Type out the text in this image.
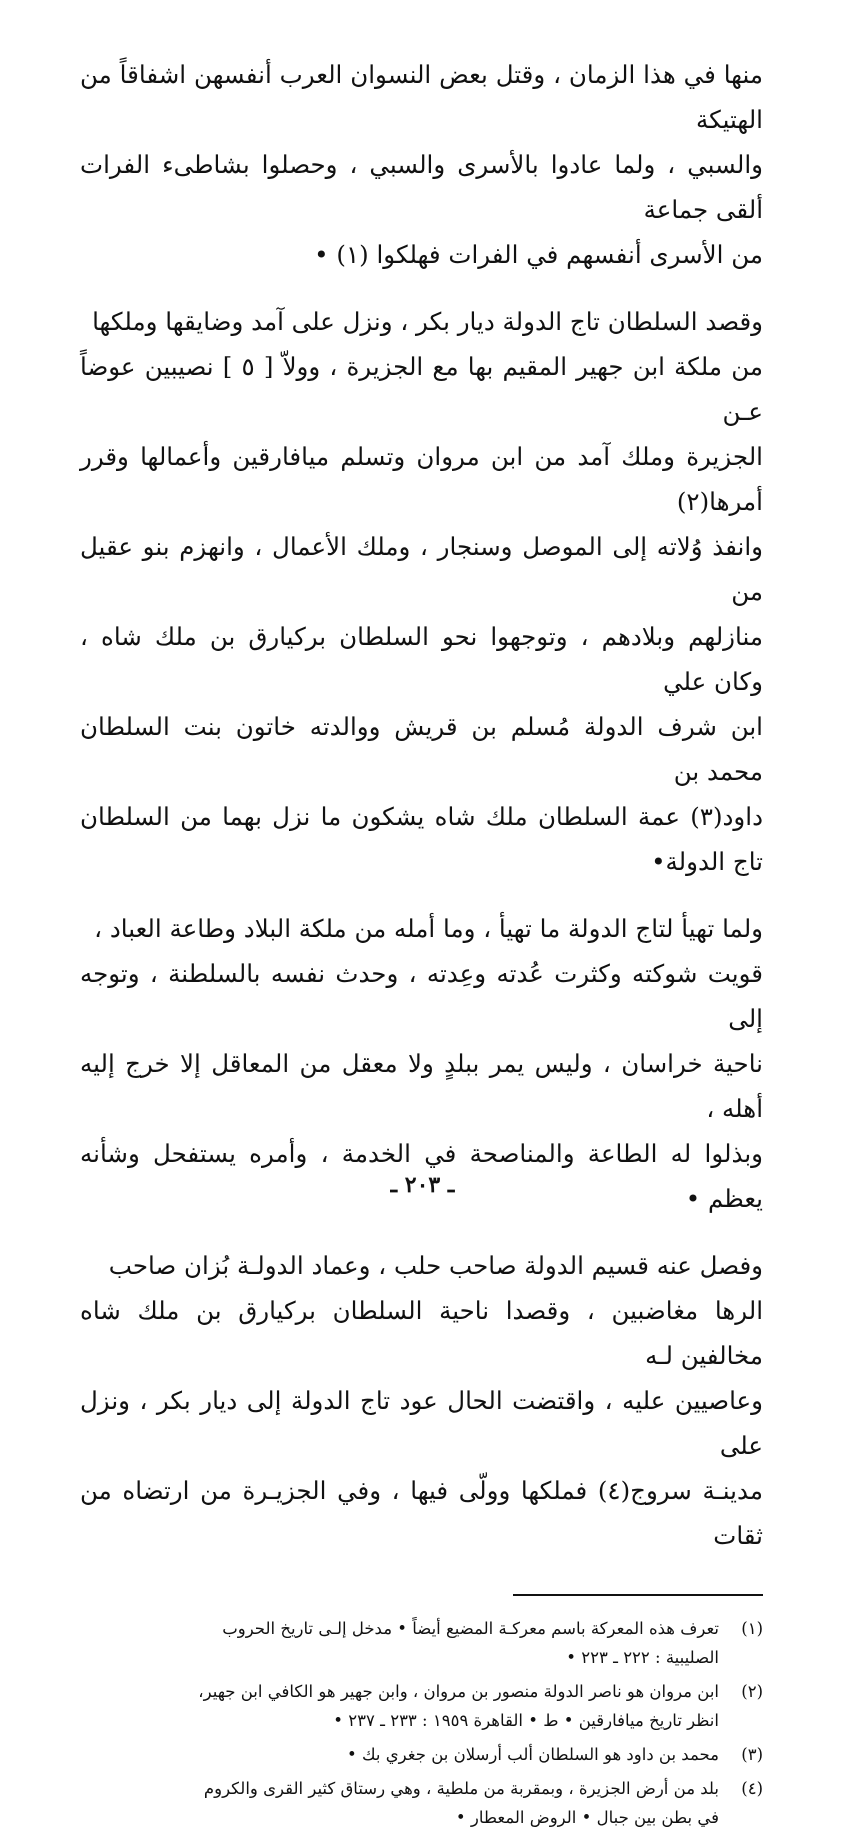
منها في هذا الزمان ، وقتل بعض النسوان العرب أنفسهن اشفاقاً من الهتيكة
والسبي ، ولما عادوا بالأسرى والسبي ، وحصلوا بشاطىء الفرات ألقى جماعة
من الأسرى أنفسهم في الفرات فهلكوا (١) •

وقصد السلطان تاج الدولة ديار بكر ، ونزل على آمد وضايقها وملكها
من ملكة ابن جهير المقيم بها مع الجزيرة ، وولاّ [ ٥ ] نصيبين عوضاً عـن
الجزيرة وملك آمد من ابن مروان وتسلم ميافارقين وأعمالها وقرر أمرها(٢)
وانفذ وُلاته إلى الموصل وسنجار ، وملك الأعمال ، وانهزم بنو عقيل من
منازلهم وبلادهم ، وتوجهوا نحو السلطان بركيارق بن ملك شاه ، وكان علي
ابن شرف الدولة مُسلم بن قريش ووالدته خاتون بنت السلطان محمد بن
داود(٣) عمة السلطان ملك شاه يشكون ما نزل بهما من السلطان تاج الدولة•

ولما تهيأ لتاج الدولة ما تهيأ ، وما أمله من ملكة البلاد وطاعة العباد ،
قويت شوكته وكثرت عُدته وعِدته ، وحدث نفسه بالسلطنة ، وتوجه إلى
ناحية خراسان ، وليس يمر ببلدٍ ولا معقل من المعاقل إلا خرج إليه أهله ،
وبذلوا له الطاعة والمناصحة في الخدمة ، وأمره يستفحل وشأنه يعظم •

وفصل عنه قسيم الدولة صاحب حلب ، وعماد الدولـة بُزان صاحب
الرها مغاضبين ، وقصدا ناحية السلطان بركيارق بن ملك شاه مخالفين لـه
وعاصيين عليه ، واقتضت الحال عود تاج الدولة إلى ديار بكر ، ونزل على
مدينـة سروج(٤) فملكها وولّى فيها ، وفي الجزيـرة من ارتضاه من ثقات

(١)
تعرف هذه المعركة باسم معركـة المضيع أيضاً • مدخل إلـى تاريخ الحروب
الصليبية : ٢٢٢ ـ ٢٢٣ •
(٢)
ابن مروان هو ناصر الدولة منصور بن مروان ، وابن جهير هو الكافي ابن جهير،
انظر تاريخ ميافارقين • ط • القاهرة ١٩٥٩ : ٢٣٣ ـ ٢٣٧ •
(٣)
محمد بن داود هو السلطان ألب أرسلان بن جغري بك •
(٤)
بلد من أرض الجزيرة ، وبمقربة من ملطية ، وهي رستاق كثير القرى والكروم
في بطن بين جبال • الروض المعطار •
ـ ٢٠٣ ـ
